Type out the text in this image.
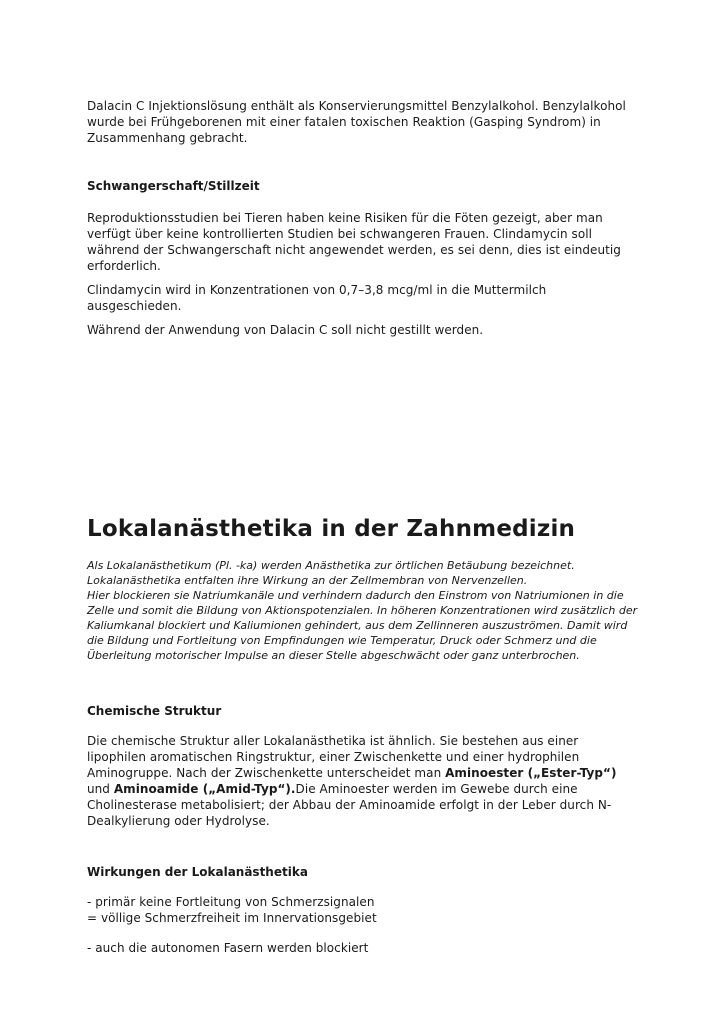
Dalacin C Injektionslösung enthält als Konservierungsmittel Benzylalkohol. Benzylalkohol

wurde bei Frühgeborenen mit einer fatalen toxischen Reaktion (Gasping Syndrom) in

Zusammenhang gebracht.

Schwangerschaft/Stillzeit

Reproduktionsstudien bei Tieren haben keine Risiken für die Föten gezeigt, aber man

verfügt über keine kontrollierten Studien bei schwangeren Frauen. Clindamycin soll

während der Schwangerschaft nicht angewendet werden, es sei denn, dies ist eindeutig

erforderlich.

Clindamycin wird in Konzentrationen von 0,7–3,8 mcg/ml in die Muttermilch

ausgeschieden.

Während der Anwendung von Dalacin C soll nicht gestillt werden.

Lokalanästhetika in der Zahnmedizin

Als Lokalanästhetikum (Pl. -ka) werden Anästhetika zur örtlichen Betäubung bezeichnet.

Lokalanästhetika entfalten ihre Wirkung an der Zellmembran von Nervenzellen.

Hier blockieren sie Natriumkanäle und verhindern dadurch den Einstrom von Natriumionen in die

Zelle und somit die Bildung von Aktionspotenzialen. In höheren Konzentrationen wird zusätzlich der

Kaliumkanal blockiert und Kaliumionen gehindert, aus dem Zellinneren auszuströmen. Damit wird

die Bildung und Fortleitung von Empfindungen wie Temperatur, Druck oder Schmerz und die

Überleitung motorischer Impulse an dieser Stelle abgeschwächt oder ganz unterbrochen.

Chemische Struktur

Die chemische Struktur aller Lokalanästhetika ist ähnlich. Sie bestehen aus einer

lipophilen aromatischen Ringstruktur, einer Zwischenkette und einer hydrophilen

Aminogruppe. Nach der Zwischenkette unterscheidet man Aminoester („Ester-Typ“)

und Aminoamide („Amid-Typ“).Die Aminoester werden im Gewebe durch eine

Cholinesterase metabolisiert; der Abbau der Aminoamide erfolgt in der Leber durch N-

Dealkylierung oder Hydrolyse.

Wirkungen der Lokalanästhetika

- primär keine Fortleitung von Schmerzsignalen

= völlige Schmerzfreiheit im Innervationsgebiet

- auch die autonomen Fasern werden blockiert
